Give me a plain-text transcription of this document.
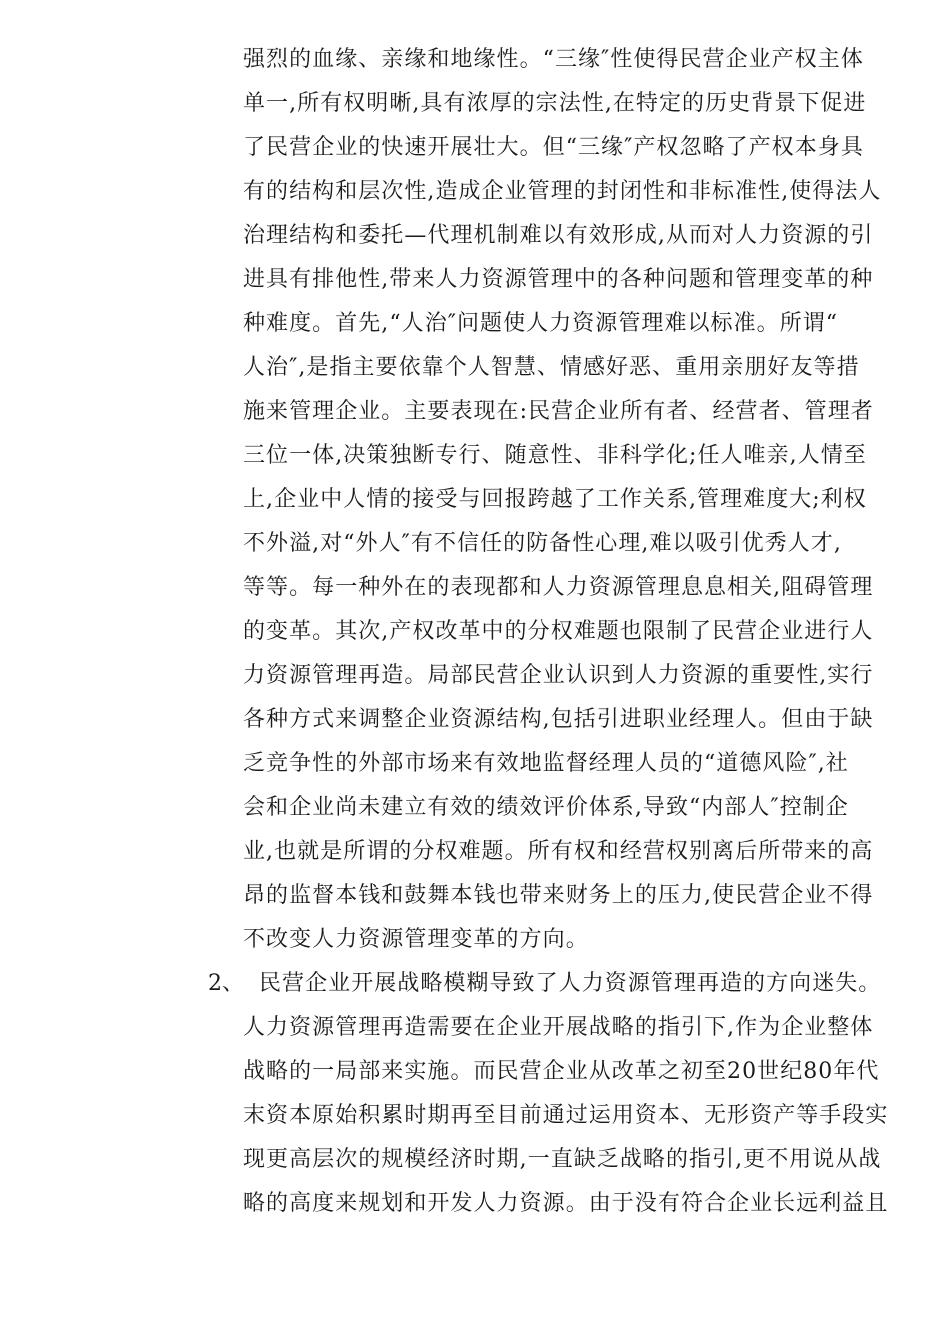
强烈的血缘、亲缘和地缘性。“三缘″性使得民营企业产权主体
单一,所有权明晰,具有浓厚的宗法性,在特定的历史背景下促进
了民营企业的快速开展壮大。但“三缘″产权忽略了产权本身具
有的结构和层次性,造成企业管理的封闭性和非标准性,使得法人
治理结构和委托—代理机制难以有效形成,从而对人力资源的引
进具有排他性,带来人力资源管理中的各种问题和管理变革的种
种难度。首先,“人治″问题使人力资源管理难以标准。所谓“
人治″,是指主要依靠个人智慧、情感好恶、重用亲朋好友等措
施来管理企业。主要表现在:民营企业所有者、经营者、管理者
三位一体,决策独断专行、随意性、非科学化;任人唯亲,人情至
上,企业中人情的接受与回报跨越了工作关系,管理难度大;利权
不外溢,对“外人″有不信任的防备性心理,难以吸引优秀人才,
等等。每一种外在的表现都和人力资源管理息息相关,阻碍管理
的变革。其次,产权改革中的分权难题也限制了民营企业进行人
力资源管理再造。局部民营企业认识到人力资源的重要性,实行
各种方式来调整企业资源结构,包括引进职业经理人。但由于缺
乏竞争性的外部市场来有效地监督经理人员的“道德风险″,社
会和企业尚未建立有效的绩效评价体系,导致“内部人″控制企
业,也就是所谓的分权难题。所有权和经营权别离后所带来的高
昂的监督本钱和鼓舞本钱也带来财务上的压力,使民营企业不得
不改变人力资源管理变革的方向。
2、 民营企业开展战略模糊导致了人力资源管理再造的方向迷失。
人力资源管理再造需要在企业开展战略的指引下,作为企业整体
战略的一局部来实施。而民营企业从改革之初至20世纪80年代
末资本原始积累时期再至目前通过运用资本、无形资产等手段实
现更高层次的规模经济时期,一直缺乏战略的指引,更不用说从战
略的高度来规划和开发人力资源。由于没有符合企业长远利益且
